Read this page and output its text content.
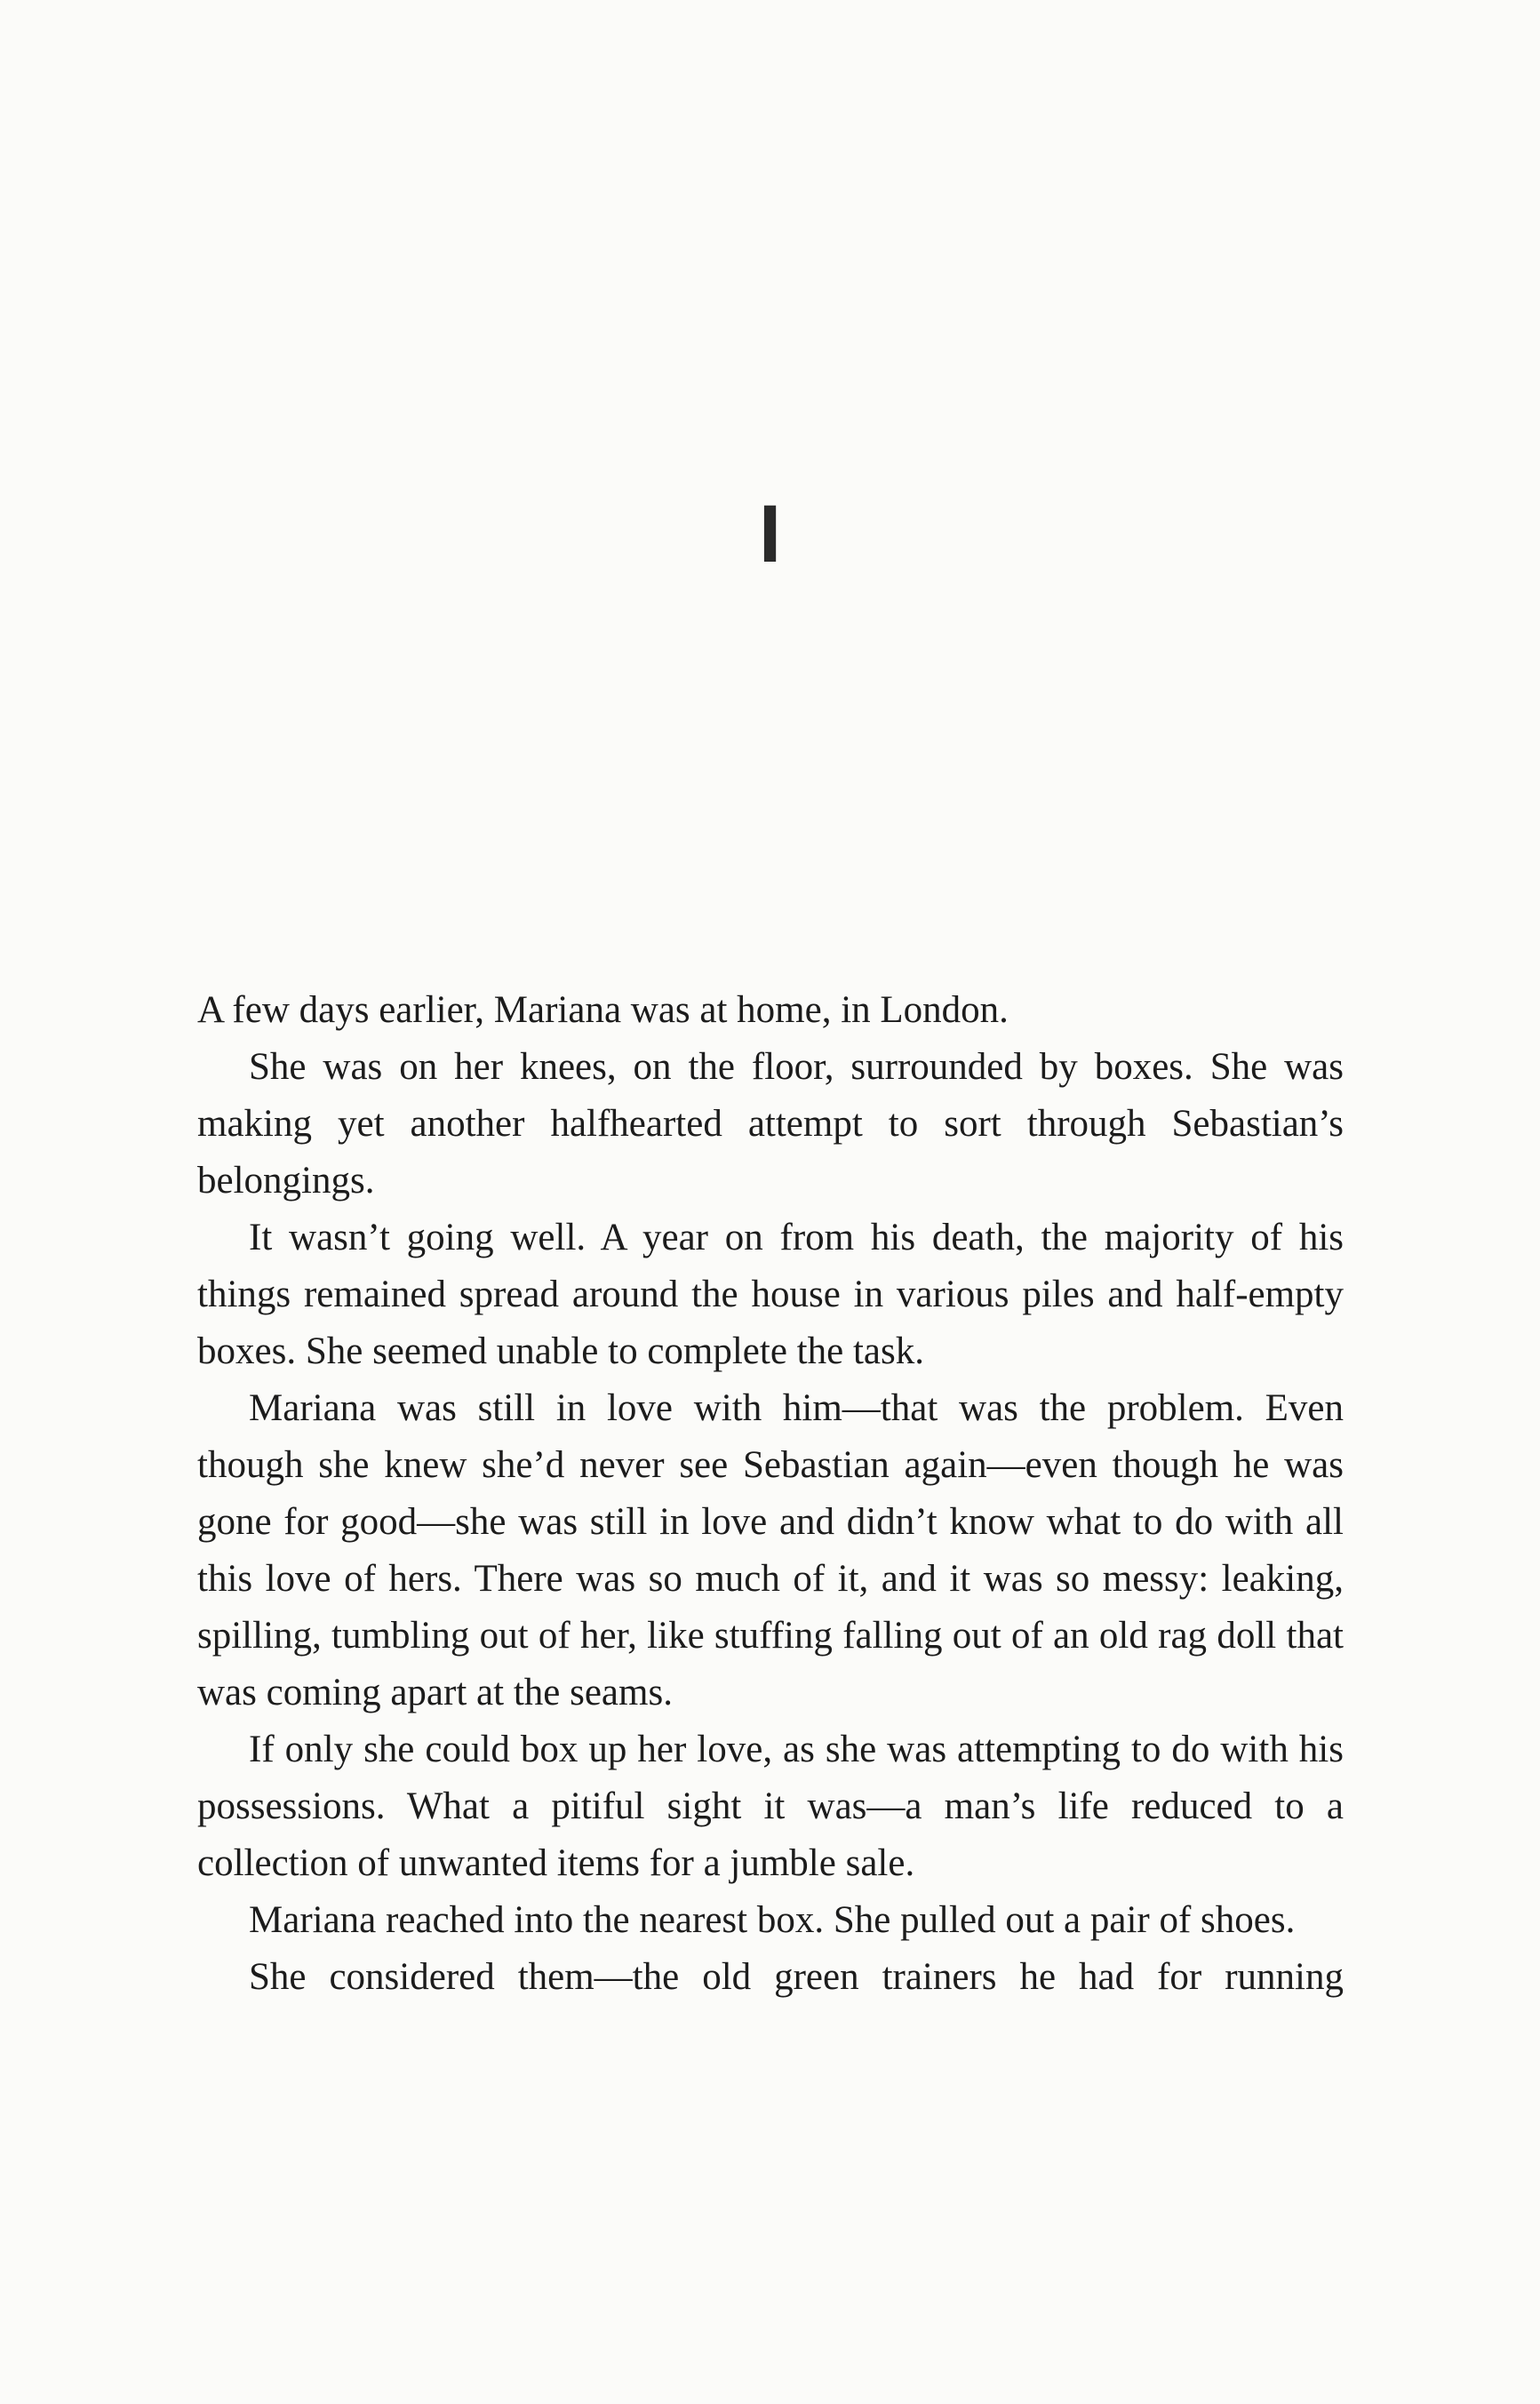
I

A few days earlier, Mariana was at home, in London.

She was on her knees, on the floor, surrounded by boxes. She was making yet another halfhearted attempt to sort through Sebastian’s belongings.

It wasn’t going well. A year on from his death, the majority of his things remained spread around the house in various piles and half-empty boxes. She seemed unable to complete the task.

Mariana was still in love with him—that was the problem. Even though she knew she’d never see Sebastian again—even though he was gone for good—she was still in love and didn’t know what to do with all this love of hers. There was so much of it, and it was so messy: leaking, spilling, tumbling out of her, like stuffing falling out of an old rag doll that was coming apart at the seams.

If only she could box up her love, as she was attempting to do with his possessions. What a pitiful sight it was—a man’s life reduced to a collection of unwanted items for a jumble sale.

Mariana reached into the nearest box. She pulled out a pair of shoes.

She considered them—the old green trainers he had for running
